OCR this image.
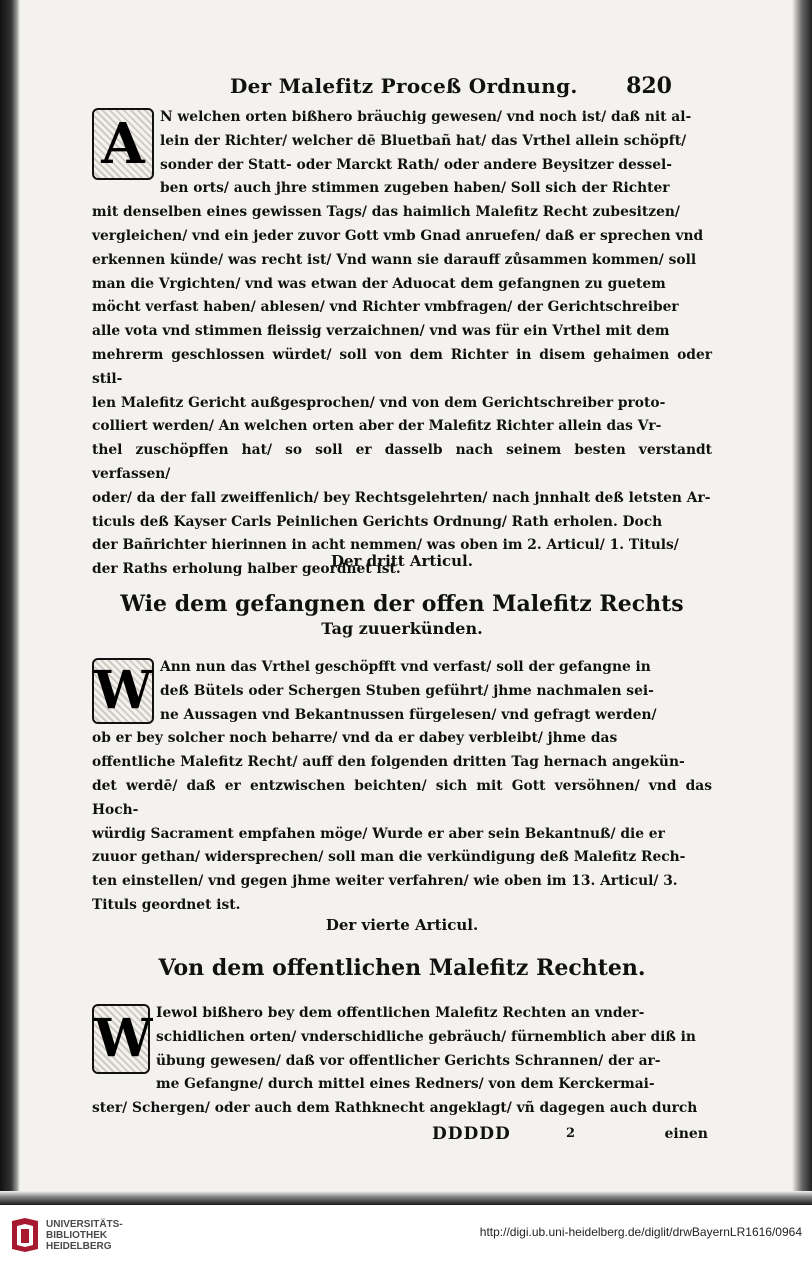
Der Malefitz Proceß Ordnung. 820
A	N welchen orten bißhero bräuchig gewesen/ vnd noch ist/ daß nit al-
lein der Richter/ welcher dē Bluetbañ hat/ das Vrthel allein schöpft/
sonder der Statt- oder Marckt Rath/ oder andere Beysitzer dessel-
ben orts/ auch jhre stimmen zugeben haben/ Soll sich der Richter
mit denselben eines gewissen Tags/ das haimlich Malefitz Recht zubesitzen/
vergleichen/ vnd ein jeder zuvor Gott vmb Gnad anruefen/ daß er sprechen vnd
erkennen künde/ was recht ist/ Vnd wann sie darauff zůsammen kommen/ soll
man die Vrgichten/ vnd was etwan der Aduocat dem gefangnen zu guetem
möcht verfast haben/ ablesen/ vnd Richter vmbfragen/ der Gerichtschreiber
alle vota vnd stimmen fleissig verzaichnen/ vnd was für ein Vrthel mit dem
mehrerm geschlossen würdet/ soll von dem Richter in disem gehaimen oder stil-
len Malefitz Gericht außgesprochen/ vnd von dem Gerichtschreiber proto-
colliert werden/ An welchen orten aber der Malefitz Richter allein das Vr-
thel zuschöpffen hat/ so soll er dasselb nach seinem besten verstandt verfassen/
oder/ da der fall zweiffenlich/ bey Rechtsgelehrten/ nach jnnhalt deß letsten Ar-
ticuls deß Kayser Carls Peinlichen Gerichts Ordnung/ Rath erholen. Doch
der Bañrichter hierinnen in acht nemmen/ was oben im 2. Articul/ 1. Tituls/
der Raths erholung halber geordnet ist.

Der dritt Articul.
Wie dem gefangnen der offen Malefitz Rechts
Tag zuuerkünden.
W Ann nun das Vrthel geschöpfft vnd verfast/ soll der gefangne in
deß Bütels oder Schergen Stuben geführt/ jhme nachmalen sei-
ne Aussagen vnd Bekantnussen fürgelesen/ vnd gefragt werden/
ob er bey solcher noch beharre/ vnd da er dabey verbleibt/ jhme das
offentliche Malefitz Recht/ auff den folgenden dritten Tag hernach angekün-
det werdē/ daß er entzwischen beichten/ sich mit Gott versöhnen/ vnd das Hoch-
würdig Sacrament empfahen möge/ Wurde er aber sein Bekantnuß/ die er
zuuor gethan/ widersprechen/ soll man die verkündigung deß Malefitz Rech-
ten einstellen/ vnd gegen jhme weiter verfahren/ wie oben im 13. Articul/ 3.
Tituls geordnet ist.

Der vierte Articul.
Von dem offentlichen Malefitz Rechten.
W Iewol bißhero bey dem offentlichen Malefitz Rechten an vnder-
schidlichen orten/ vnderschidliche gebräuch/ fürnemblich aber diß in
übung gewesen/ daß vor offentlicher Gerichts Schrannen/ der ar-
me Gefangne/ durch mittel eines Redners/ von dem Kerckermai-
ster/ Schergen/ oder auch dem Rathknecht angeklagt/ vñ dagegen auch durch

DDDDD	2	einen
UNIVERSITÄTS-
BIBLIOTHEK
HEIDELBERG
http://digi.ub.uni-heidelberg.de/diglit/drwBayernLR1616/0964
